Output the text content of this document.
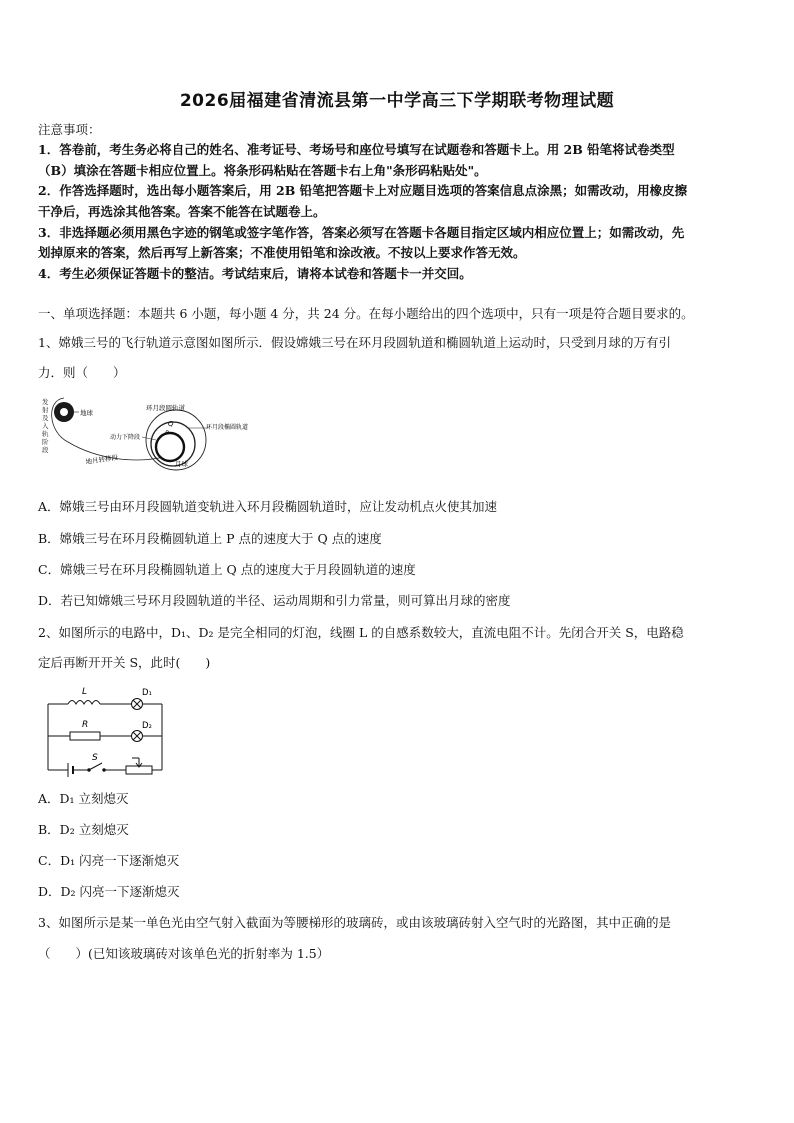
2026届福建省清流县第一中学高三下学期联考物理试题
注意事项：
1．答卷前，考生务必将自己的姓名、准考证号、考场号和座位号填写在试题卷和答题卡上。用 2B 铅笔将试卷类型
（B）填涂在答题卡相应位置上。将条形码粘贴在答题卡右上角"条形码粘贴处"。
2．作答选择题时，选出每小题答案后，用 2B 铅笔把答题卡上对应题目选项的答案信息点涂黑；如需改动，用橡皮擦
干净后，再选涂其他答案。答案不能答在试题卷上。
3．非选择题必须用黑色字迹的钢笔或签字笔作答，答案必须写在答题卡各题目指定区域内相应位置上；如需改动，先
划掉原来的答案，然后再写上新答案；不准使用铅笔和涂改液。不按以上要求作答无效。
4．考生必须保证答题卡的整洁。考试结束后，请将本试卷和答题卡一并交回。
一、单项选择题：本题共 6 小题，每小题 4 分，共 24 分。在每小题给出的四个选项中，只有一项是符合题目要求的。
1、嫦娥三号的飞行轨道示意图如图所示．假设嫦娥三号在环月段圆轨道和椭圆轨道上运动时，只受到月球的万有引
力．则（　　）
发
射
及
入
轨
阶
段
地球
地月转移段	月球
Q
P
环月段圆轨道
环月段椭圆轨道
动力下降段
A．嫦娥三号由环月段圆轨道变轨进入环月段椭圆轨道时，应让发动机点火使其加速
B．嫦娥三号在环月段椭圆轨道上 P 点的速度大于 Q 点的速度
C．嫦娥三号在环月段椭圆轨道上 Q 点的速度大于月段圆轨道的速度
D．若已知嫦娥三号环月段圆轨道的半径、运动周期和引力常量，则可算出月球的密度
2、如图所示的电路中，D₁、D₂ 是完全相同的灯泡，线圈 L 的自感系数较大，直流电阻不计。先闭合开关 S，电路稳
定后再断开开关 S，此时(　　)
L	D₁
R	D₂
S
A．D₁ 立刻熄灭
B．D₂ 立刻熄灭
C．D₁ 闪亮一下逐渐熄灭
D．D₂ 闪亮一下逐渐熄灭
3、如图所示是某一单色光由空气射入截面为等腰梯形的玻璃砖，或由该玻璃砖射入空气时的光路图，其中正确的是
（　　）(已知该玻璃砖对该单色光的折射率为 1.5）
